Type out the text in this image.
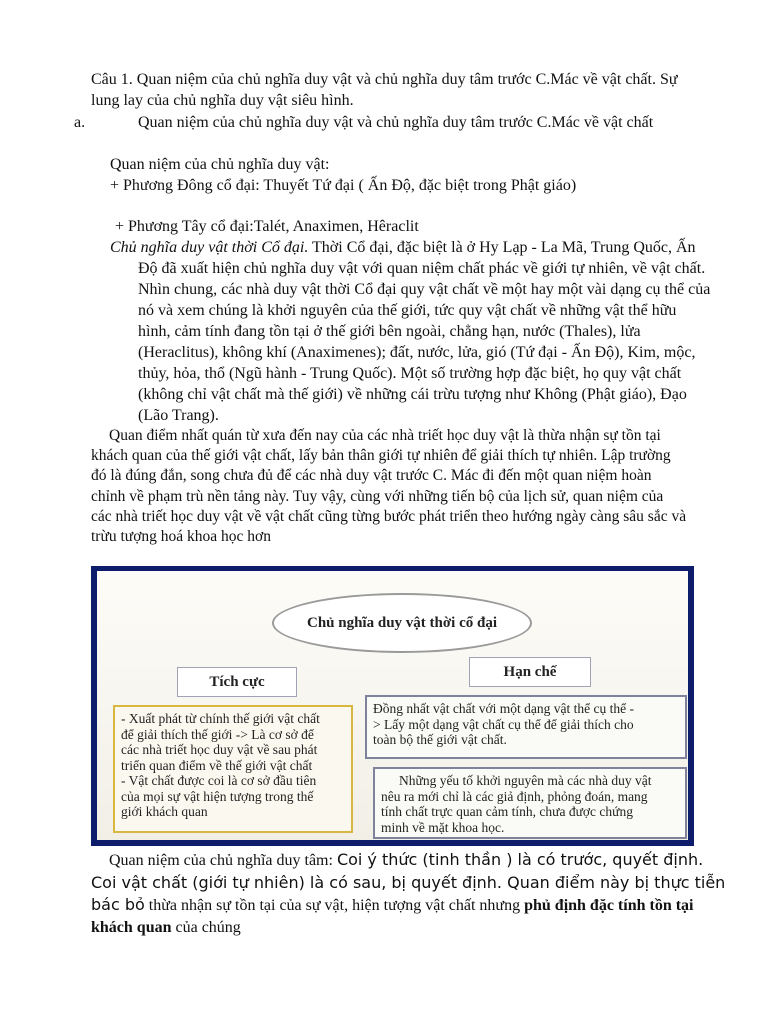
Câu 1. Quan niệm của chủ nghĩa duy vật và chủ nghĩa duy tâm trước C.Mác về vật chất. Sự lung lay của chủ nghĩa duy vật siêu hình.

a.	Quan niệm của chủ nghĩa duy vật và chủ nghĩa duy tâm trước C.Mác về vật chất

Quan niệm của chủ nghĩa duy vật:

+ Phương Đông cổ đại: Thuyết Tứ đại ( Ấn Độ, đặc biệt trong Phật giáo)

+ Phương Tây cổ đại:Talét, Anaximen, Hêraclit

Chủ nghĩa duy vật thời Cổ đại. Thời Cổ đại, đặc biệt là ở Hy Lạp - La Mã, Trung Quốc, Ấn Độ đã xuất hiện chủ nghĩa duy vật với quan niệm chất phác về giới tự nhiên, về vật chất. Nhìn chung, các nhà duy vật thời Cổ đại quy vật chất về một hay một vài dạng cụ thể của nó và xem chúng là khởi nguyên của thế giới, tức quy vật chất về những vật thể hữu hình, cảm tính đang tồn tại ở thế giới bên ngoài, chẳng hạn, nước (Thales), lửa (Heraclitus), không khí (Anaximenes); đất, nước, lửa, gió (Tứ đại - Ấn Độ), Kim, mộc, thủy, hỏa, thổ (Ngũ hành - Trung Quốc). Một số trường hợp đặc biệt, họ quy vật chất (không chỉ vật chất mà thế giới) về những cái trừu tượng như Không (Phật giáo), Đạo (Lão Trang).

Quan điểm nhất quán từ xưa đến nay của các nhà triết học duy vật là thừa nhận sự tồn tại khách quan của thế giới vật chất, lấy bản thân giới tự nhiên để giải thích tự nhiên. Lập trường đó là đúng đắn, song chưa đủ để các nhà duy vật trước C. Mác đi đến một quan niệm hoàn chỉnh về phạm trù nền tảng này. Tuy vậy, cùng với những tiến bộ của lịch sử, quan niệm của các nhà triết học duy vật về vật chất cũng từng bước phát triển theo hướng ngày càng sâu sắc và trừu tượng hoá khoa học hơn

Chủ nghĩa duy vật thời cổ đại
Tích cực
Hạn chế
- Xuất phát từ chính thế giới vật chất
để giải thích thế giới -> Là cơ sở để
các nhà triết học duy vật về sau phát
triển quan điểm về thế giới vật chất
- Vật chất được coi là cơ sở đầu tiên
của mọi sự vật hiện tượng trong thế
giới khách quan
Đồng nhất vật chất với một dạng vật thể cụ thể -
> Lấy một dạng vật chất cụ thể để giải thích cho
toàn bộ thế giới vật chất.
Những yếu tố khởi nguyên mà các nhà duy vật
nêu ra mới chỉ là các giả định, phỏng đoán, mang
tính chất trực quan cảm tính, chưa được chứng
minh về mặt khoa học.

Quan niệm của chủ nghĩa duy tâm: Coi ý thức (tinh thần ) là có trước, quyết định. Coi vật chất (giới tự nhiên) là có sau, bị quyết định. Quan điểm này bị thực tiễn bác bỏ thừa nhận sự tồn tại của sự vật, hiện tượng vật chất nhưng phủ định đặc tính tồn tại khách quan của chúng
